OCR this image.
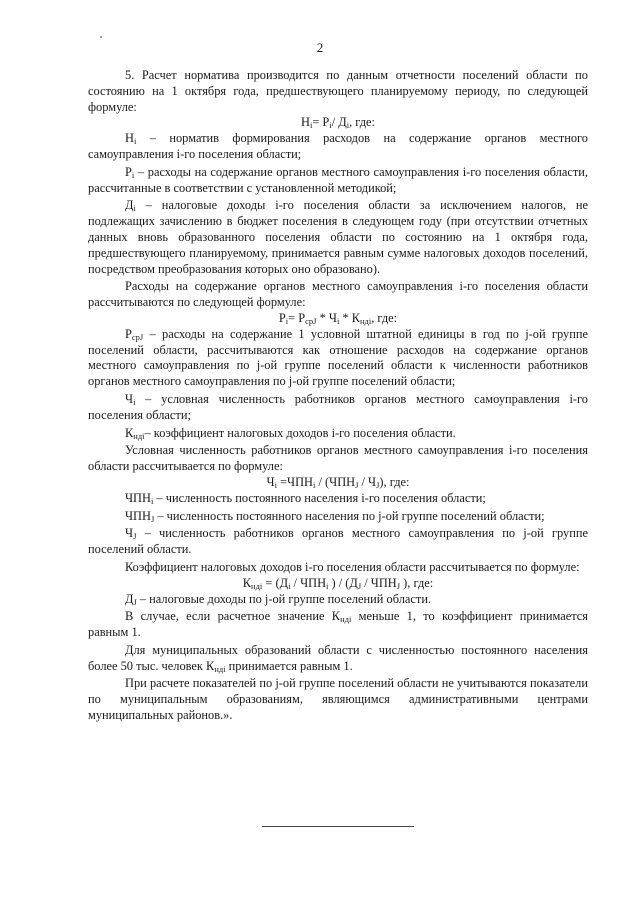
2

5. Расчет норматива производится по данным отчетности поселений области по состоянию на 1 октября года, предшествующего планируемому периоду, по следующей формуле:

$Н_i= Р_i/$ $Д_i$, где:

$Н_i$ – норматив формирования расходов на содержание органов местного самоуправления i-го поселения области;

$Р_i$ – расходы на содержание органов местного самоуправления i-го поселения области, рассчитанные в соответствии с установленной методикой;

$Д_i$ – налоговые доходы i-го поселения области за исключением налогов, не подлежащих зачислению в бюджет поселения в следующем году (при отсутствии отчетных данных вновь образованного поселения области по состоянию на 1 октября года, предшествующего планируемому, принимается равным сумме налоговых доходов поселений, посредством преобразования которых оно образовано).

Расходы на содержание органов местного самоуправления i-го поселения области рассчитываются по следующей формуле:

$Р_i= Р_{срJ} * Ч_i * К_{ндi}$, где:

$Р_{срJ}$ – расходы на содержание 1 условной штатной единицы в год по j-ой группе поселений области, рассчитываются как отношение расходов на содержание органов местного самоуправления по j-ой группе поселений области к численности работников органов местного самоуправления по j-ой группе поселений области;

$Ч_i$ – условная численность работников органов местного самоуправления i-го поселения области;

$К_{ндi}-$ коэффициент налоговых доходов i-го поселения области.

Условная численность работников органов местного самоуправления i-го поселения области рассчитывается по формуле:

$Ч_i =ЧПН_i / (ЧПН_J / Ч_J)$, где:

$ЧПН_i$ – численность постоянного населения i-го поселения области;

$ЧПН_J$ – численность постоянного населения по j-ой группе поселений области;

$Ч_J$ – численность работников органов местного самоуправления по j-ой группе поселений области.

Коэффициент налоговых доходов i-го поселения области рассчитывается по формуле:

$К_{ндi} = (Д_i / ЧПН_i$ ) / ($Д_J / ЧПН_J$ ), где:

$Д_J$ – налоговые доходы по j-ой группе поселений области.

В случае, если расчетное значение $К_{ндi}$ меньше 1, то коэффициент принимается равным 1.

Для муниципальных образований области с численностью постоянного населения более 50 тыс. человек $К_{ндi}$ принимается равным 1.

При расчете показателей по j-ой группе поселений области не учитываются показатели по муниципальным образованиям, являющимся административными центрами муниципальных районов.».
